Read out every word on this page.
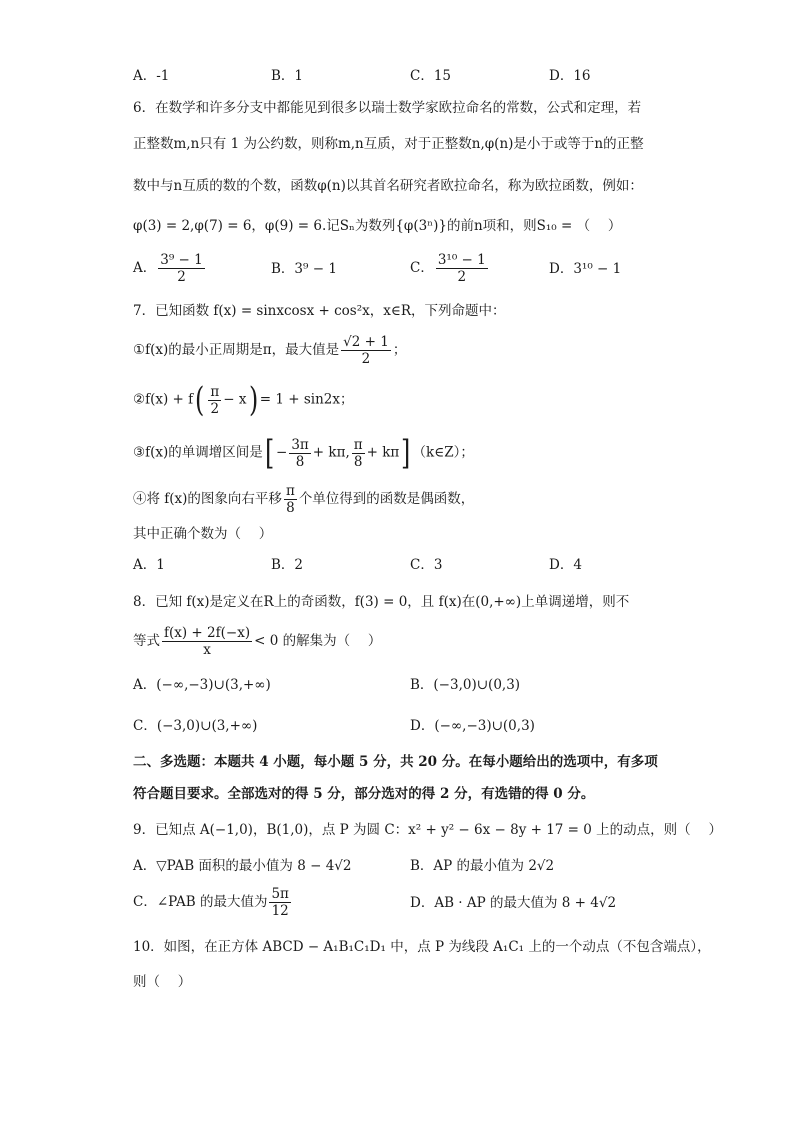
A．-1	B．1	C．15	D．16
6．在数学和许多分支中都能见到很多以瑞士数学家欧拉命名的常数，公式和定理，若
正整数m,n只有 1 为公约数，则称m,n互质，对于正整数n,φ(n)是小于或等于n的正整
数中与n互质的数的个数，函数φ(n)以其首名研究者欧拉命名，称为欧拉函数，例如：
φ(3) = 2,φ(7) = 6，φ(9) = 6.记Sₙ为数列{φ(3ⁿ)}的前n项和，则S₁₀ = （　 ）
A． $\frac{\text{3⁹ − 1}}{2}$	B．3⁹ − 1	C． $\frac{\text{3¹⁰ − 1}}{2}$	D．3¹⁰ − 1
7．已知函数 f(x) = sinxcosx + cos²x，x∈R，下列命题中：
①f(x)的最小正周期是π，最大值是 $\frac{√2 + 1}{2}$ ；
②f(x) + $f( \frac{\pi}{2} - x) = 1 + \sin 2x$；
③f(x)的单调增区间是[ − $\frac{3\pi}{8} + k\pi$, $\frac{\pi}{8} + k\pi$] （k∈Z）；
④将 f(x)的图象向右平移 $\frac{\pi}{8}$ 个单位得到的函数是偶函数，
其中正确个数为（　 ）
A．1	B．2	C．3	D．4
8．已知 f(x)是定义在R上的奇函数，f(3) = 0，且 f(x)在(0,+∞)上单调递增，则不
等式 $\frac{f(x) + 2f(-x)}{x} < 0$ 的解集为（　 ）
A．(−∞,−3)∪(3,+∞)	B．(−3,0)∪(0,3)
C．(−3,0)∪(3,+∞)	D．(−∞,−3)∪(0,3)
二、多选题：本题共 4 小题，每小题 5 分，共 20 分。在每小题给出的选项中，有多项
符合题目要求。全部选对的得 5 分，部分选对的得 2 分，有选错的得 0 分。
9．已知点 A(−1,0)，B(1,0)，点 P 为圆 C：x² + y² − 6x − 8y + 17 = 0 上的动点，则（　 ）
A．▽PAB 面积的最小值为 8 − 4√2	B．AP 的最小值为 2√2
C．∠PAB 的最大值为 $\frac{5\pi}{12}$	D．AB · AP 的最大值为 8 + 4√2
10．如图，在正方体 ABCD − A₁B₁C₁D₁ 中，点 P 为线段 A₁C₁ 上的一个动点（不包含端点），
则（　 ）
